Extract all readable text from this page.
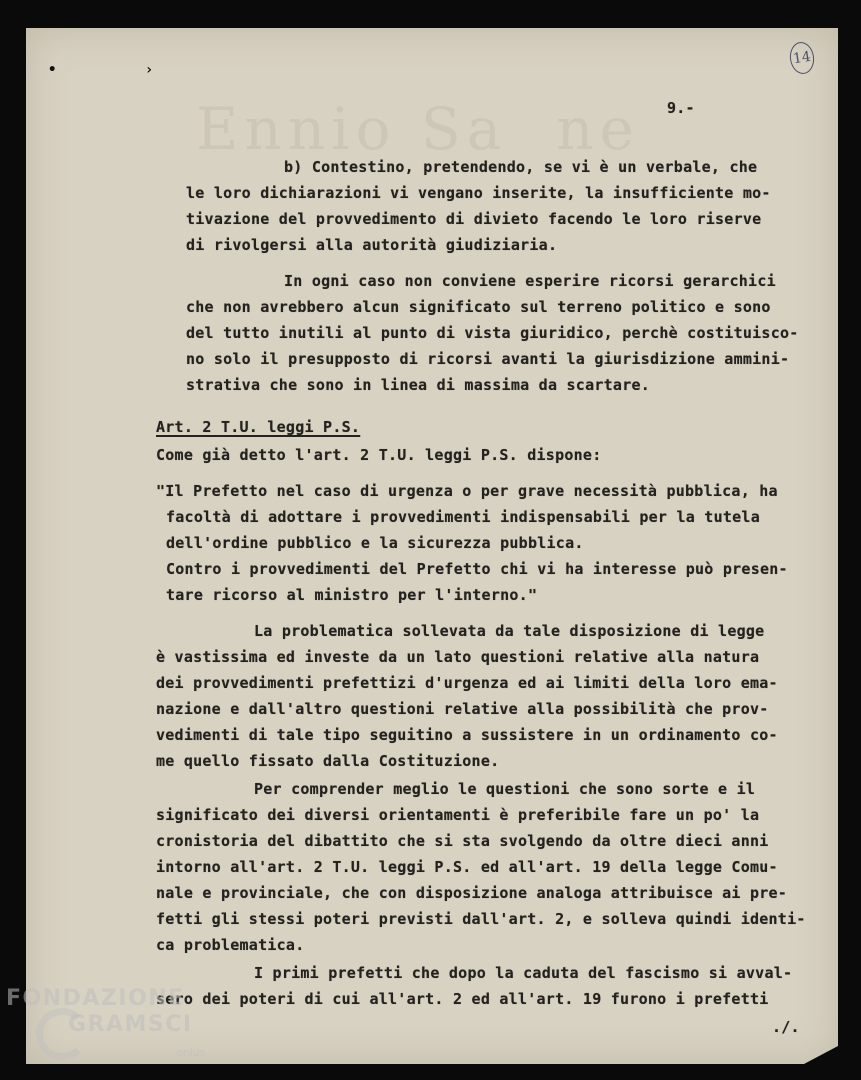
Ennio Sa  ne

• ›
14
9.-
b) Contestino, pretendendo, se vi è un verbale, che
le loro dichiarazioni vi vengano inserite, la insufficiente mo-
tivazione del provvedimento di divieto facendo le loro riserve
di rivolgersi alla autorità giudiziaria.
In ogni caso non conviene esperire ricorsi gerarchici
che non avrebbero alcun significato sul terreno politico e sono
del tutto inutili al punto di vista giuridico, perchè costituisco-
no solo il presupposto di ricorsi avanti la giurisdizione ammini-
strativa che sono in linea di massima da scartare.
Art. 2 T.U. leggi P.S.
Come già detto l'art. 2 T.U. leggi P.S. dispone:
"Il Prefetto nel caso di urgenza o per grave necessità pubblica, ha
facoltà di adottare i provvedimenti indispensabili per la tutela
dell'ordine pubblico e la sicurezza pubblica.
Contro i provvedimenti del Prefetto chi vi ha interesse può presen-
tare ricorso al ministro per l'interno."
La problematica sollevata da tale disposizione di legge
è vastissima ed investe da un lato questioni relative alla natura
dei provvedimenti prefettizi d'urgenza ed ai limiti della loro ema-
nazione e dall'altro questioni relative alla possibilità che prov-
vedimenti di tale tipo seguitino a sussistere in un ordinamento co-
me quello fissato dalla Costituzione.
Per comprender meglio le questioni che sono sorte e il
significato dei diversi orientamenti è preferibile fare un po' la
cronistoria del dibattito che si sta svolgendo da oltre dieci anni
intorno all'art. 2 T.U. leggi P.S. ed all'art. 19 della legge Comu-
nale e provinciale, che con disposizione analoga attribuisce ai pre-
fetti gli stessi poteri previsti dall'art. 2, e solleva quindi identi-
ca problematica.
I primi prefetti che dopo la caduta del fascismo si avval-
sero dei poteri di cui all'art. 2 ed all'art. 19 furono i prefetti
./.
FONDAZIONE
GRAMSCI
onlus
